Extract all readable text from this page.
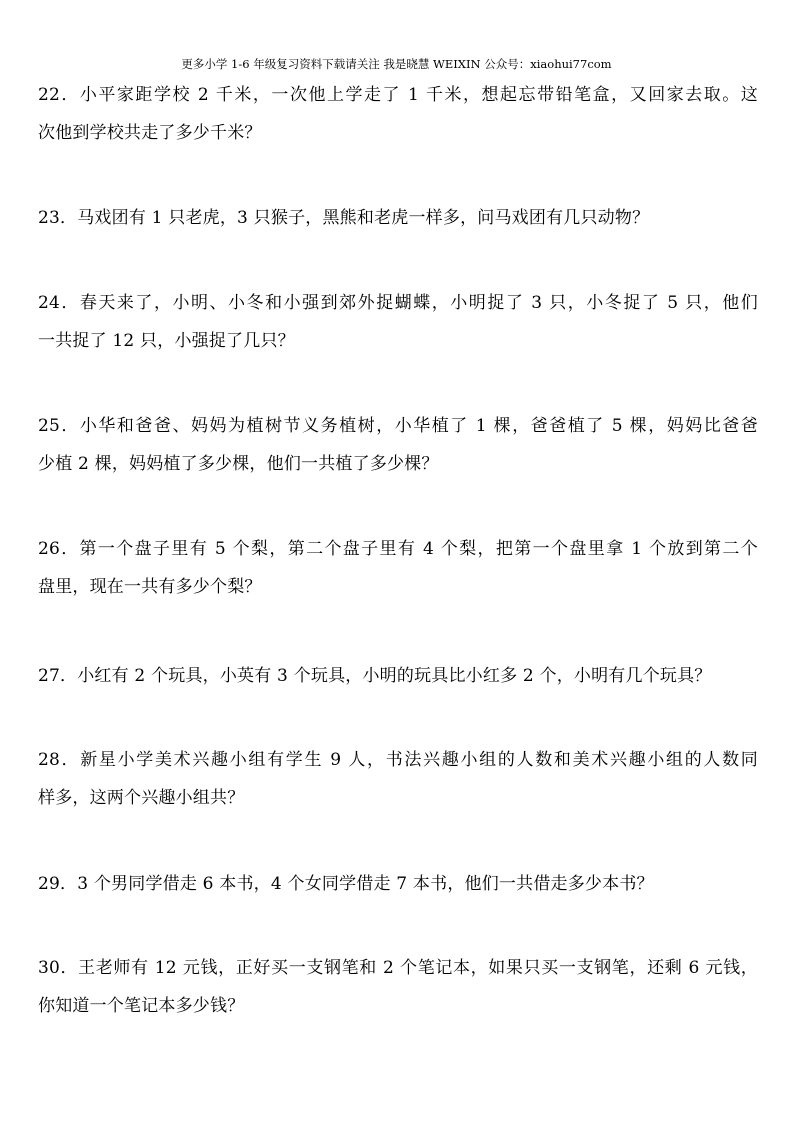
更多小学 1-6 年级复习资料下载请关注 我是晓慧 WEIXIN 公众号：xiaohui77com
22．小平家距学校 2 千米，一次他上学走了 1 千米，想起忘带铅笔盒，又回家去取。这
次他到学校共走了多少千米？
23．马戏团有 1 只老虎，3 只猴子，黑熊和老虎一样多，问马戏团有几只动物？
24．春天来了，小明、小冬和小强到郊外捉蝴蝶，小明捉了 3 只，小冬捉了 5 只，他们
一共捉了 12 只，小强捉了几只？
25．小华和爸爸、妈妈为植树节义务植树，小华植了 1 棵，爸爸植了 5 棵，妈妈比爸爸
少植 2 棵，妈妈植了多少棵，他们一共植了多少棵？
26．第一个盘子里有 5 个梨，第二个盘子里有 4 个梨，把第一个盘里拿 1 个放到第二个
盘里，现在一共有多少个梨？
27．小红有 2 个玩具，小英有 3 个玩具，小明的玩具比小红多 2 个，小明有几个玩具？
28．新星小学美术兴趣小组有学生 9 人，书法兴趣小组的人数和美术兴趣小组的人数同
样多，这两个兴趣小组共？
29．3 个男同学借走 6 本书，4 个女同学借走 7 本书，他们一共借走多少本书？
30．王老师有 12 元钱，正好买一支钢笔和 2 个笔记本，如果只买一支钢笔，还剩 6 元钱，
你知道一个笔记本多少钱？
